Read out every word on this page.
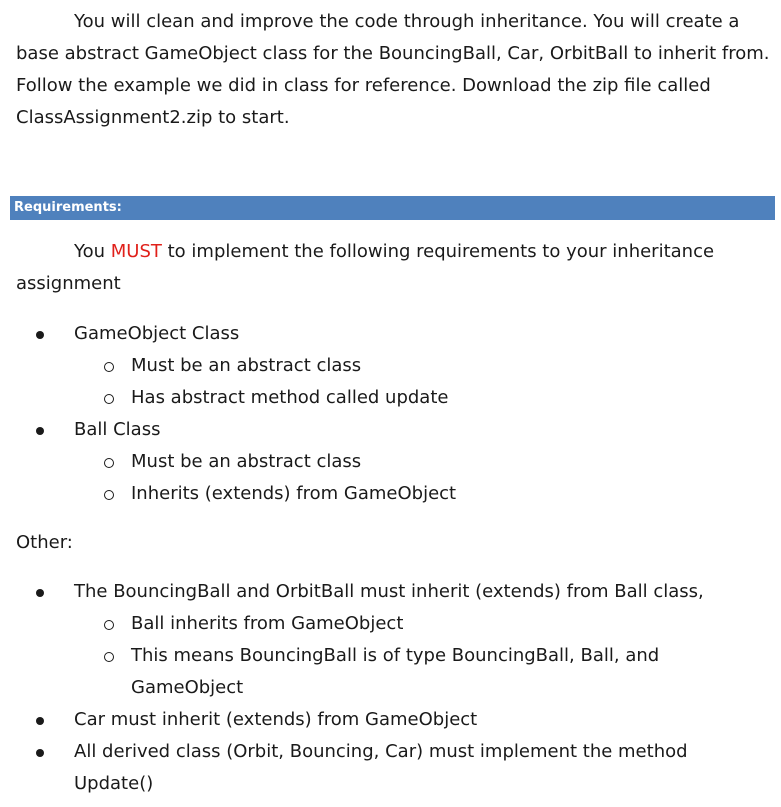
You will clean and improve the code through inheritance. You will create a base abstract GameObject class for the BouncingBall, Car, OrbitBall to inherit from. Follow the example we did in class for reference. Download the zip file called ClassAssignment2.zip to start.
Requirements:
You MUST to implement the following requirements to your inheritance assignment
GameObject Class
Must be an abstract class
Has abstract method called update
Ball Class
Must be an abstract class
Inherits (extends) from GameObject
Other:
The BouncingBall and OrbitBall must inherit (extends) from Ball class,
Ball inherits from GameObject
This means BouncingBall is of type BouncingBall, Ball, and GameObject
Car must inherit (extends) from GameObject
All derived class (Orbit, Bouncing, Car) must implement the method Update()
